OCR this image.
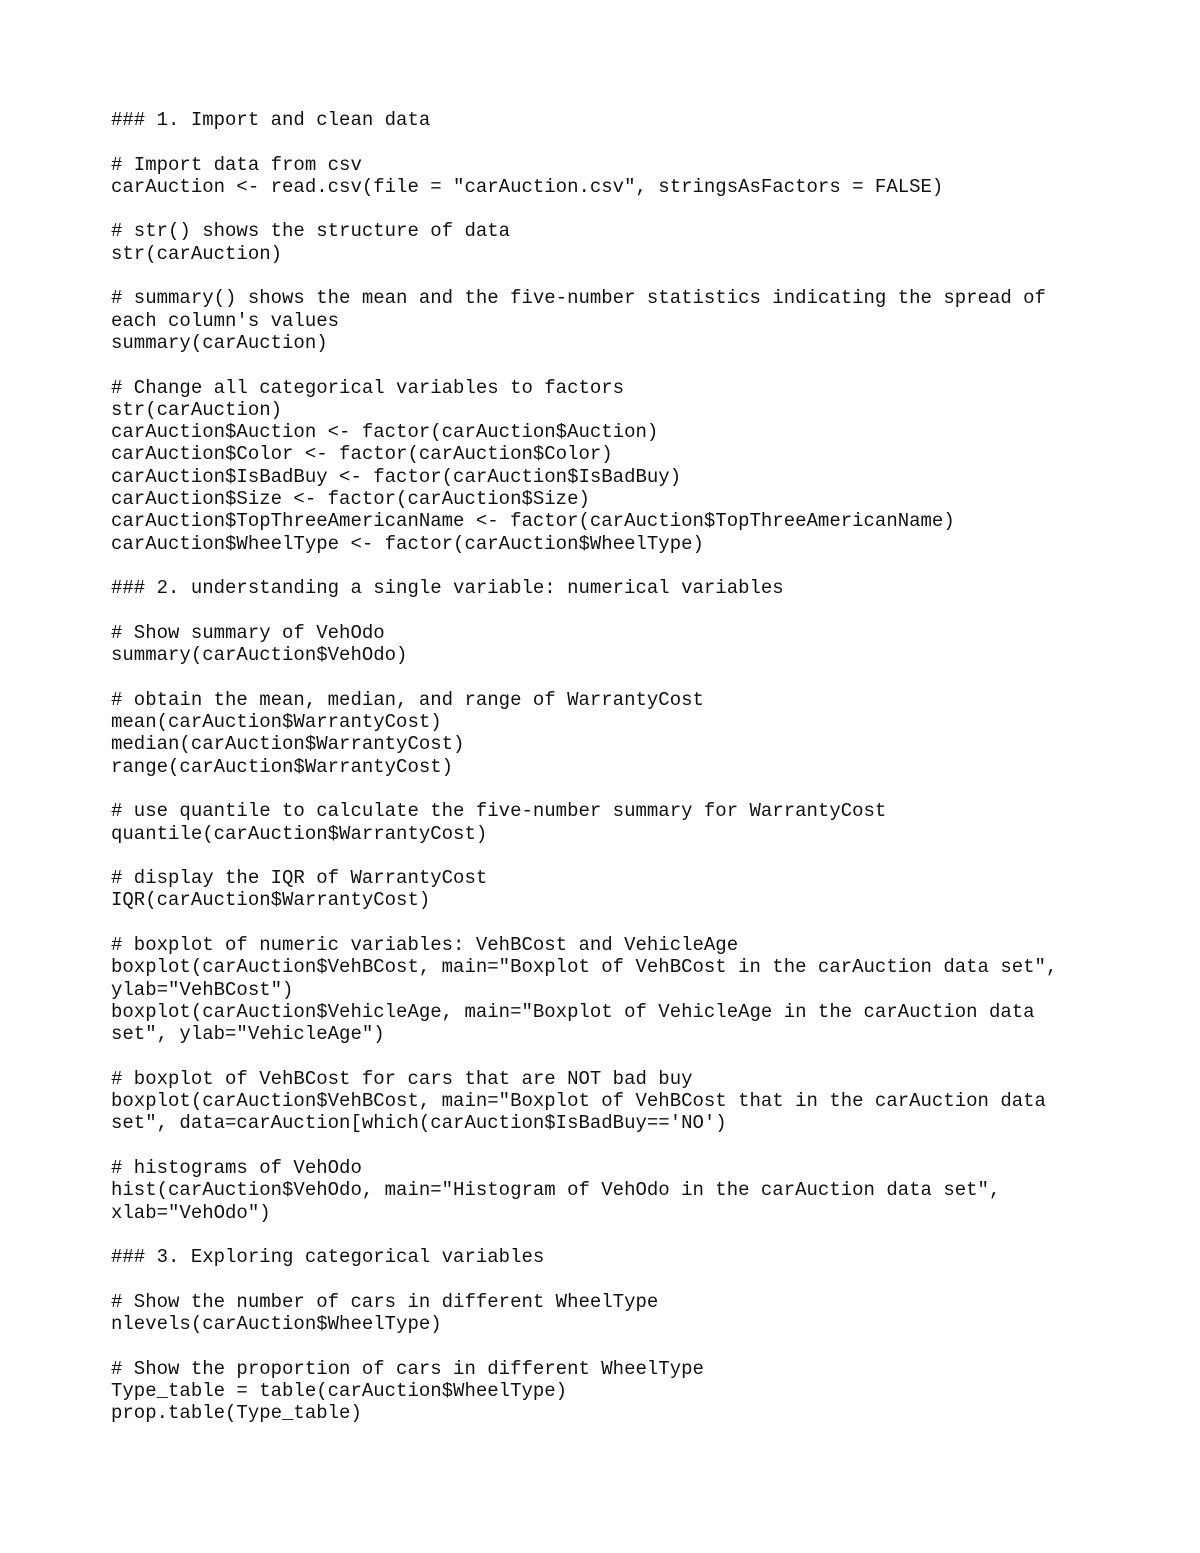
### 1. Import and clean data
# Import data from csv
carAuction <- read.csv(file = "carAuction.csv", stringsAsFactors = FALSE)
# str() shows the structure of data
str(carAuction)
# summary() shows the mean and the five-number statistics indicating the spread of
each column's values
summary(carAuction)
# Change all categorical variables to factors
str(carAuction)
carAuction$Auction <- factor(carAuction$Auction)
carAuction$Color <- factor(carAuction$Color)
carAuction$IsBadBuy <- factor(carAuction$IsBadBuy)
carAuction$Size <- factor(carAuction$Size)
carAuction$TopThreeAmericanName <- factor(carAuction$TopThreeAmericanName)
carAuction$WheelType <- factor(carAuction$WheelType)
### 2. understanding a single variable: numerical variables
# Show summary of VehOdo
summary(carAuction$VehOdo)
# obtain the mean, median, and range of WarrantyCost
mean(carAuction$WarrantyCost)
median(carAuction$WarrantyCost)
range(carAuction$WarrantyCost)
# use quantile to calculate the five-number summary for WarrantyCost
quantile(carAuction$WarrantyCost)
# display the IQR of WarrantyCost
IQR(carAuction$WarrantyCost)
# boxplot of numeric variables: VehBCost and VehicleAge
boxplot(carAuction$VehBCost, main="Boxplot of VehBCost in the carAuction data set",
ylab="VehBCost")
boxplot(carAuction$VehicleAge, main="Boxplot of VehicleAge in the carAuction data
set", ylab="VehicleAge")
# boxplot of VehBCost for cars that are NOT bad buy
boxplot(carAuction$VehBCost, main="Boxplot of VehBCost that in the carAuction data
set", data=carAuction[which(carAuction$IsBadBuy=='NO')
# histograms of VehOdo
hist(carAuction$VehOdo, main="Histogram of VehOdo in the carAuction data set",
xlab="VehOdo")
### 3. Exploring categorical variables
# Show the number of cars in different WheelType
nlevels(carAuction$WheelType)
# Show the proportion of cars in different WheelType
Type_table = table(carAuction$WheelType)
prop.table(Type_table)
